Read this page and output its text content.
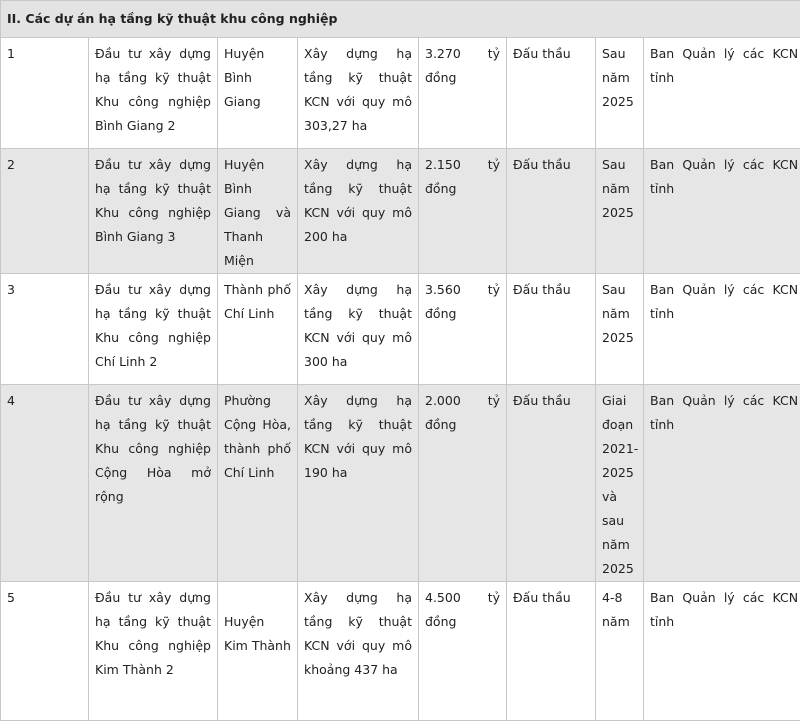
II. Các dự án hạ tầng kỹ thuật khu công nghiệp							
1	Đầu tư xây dựng hạ tầng kỹ thuật Khu công nghiệp Bình Giang 2	Huyện Bình Giang	Xây dựng hạ tầng kỹ thuật KCN với quy mô 303,27 ha	3.270 tỷ đồng	Đấu thầu	Sau năm 2025	Ban Quản lý các KCN tỉnh
2	Đầu tư xây dựng hạ tầng kỹ thuật Khu công nghiệp Bình Giang 3	Huyện Bình Giang và Thanh Miện	Xây dựng hạ tầng kỹ thuật KCN với quy mô 200 ha	2.150 tỷ đồng	Đấu thầu	Sau năm 2025	Ban Quản lý các KCN tỉnh
3	Đầu tư xây dựng hạ tầng kỹ thuật Khu công nghiệp Chí Linh 2	Thành phố Chí Linh	Xây dựng hạ tầng kỹ thuật KCN với quy mô 300 ha	3.560 tỷ đồng	Đấu thầu	Sau năm 2025	Ban Quản lý các KCN tỉnh
4	Đầu tư xây dựng hạ tầng kỹ thuật Khu công nghiệp Cộng Hòa mở rộng	Phường Cộng Hòa, thành phố Chí Linh	Xây dựng hạ tầng kỹ thuật KCN với quy mô 190 ha	2.000 tỷ đồng	Đấu thầu	Giai đoạn 2021-2025 và sau năm 2025	Ban Quản lý các KCN tỉnh
5	Đầu tư xây dựng hạ tầng kỹ thuật Khu công nghiệp Kim Thành 2	Huyện Kim Thành	Xây dựng hạ tầng kỹ thuật KCN với quy mô khoảng 437 ha	4.500 tỷ đồng	Đấu thầu	4-8 năm	Ban Quản lý các KCN tỉnh
